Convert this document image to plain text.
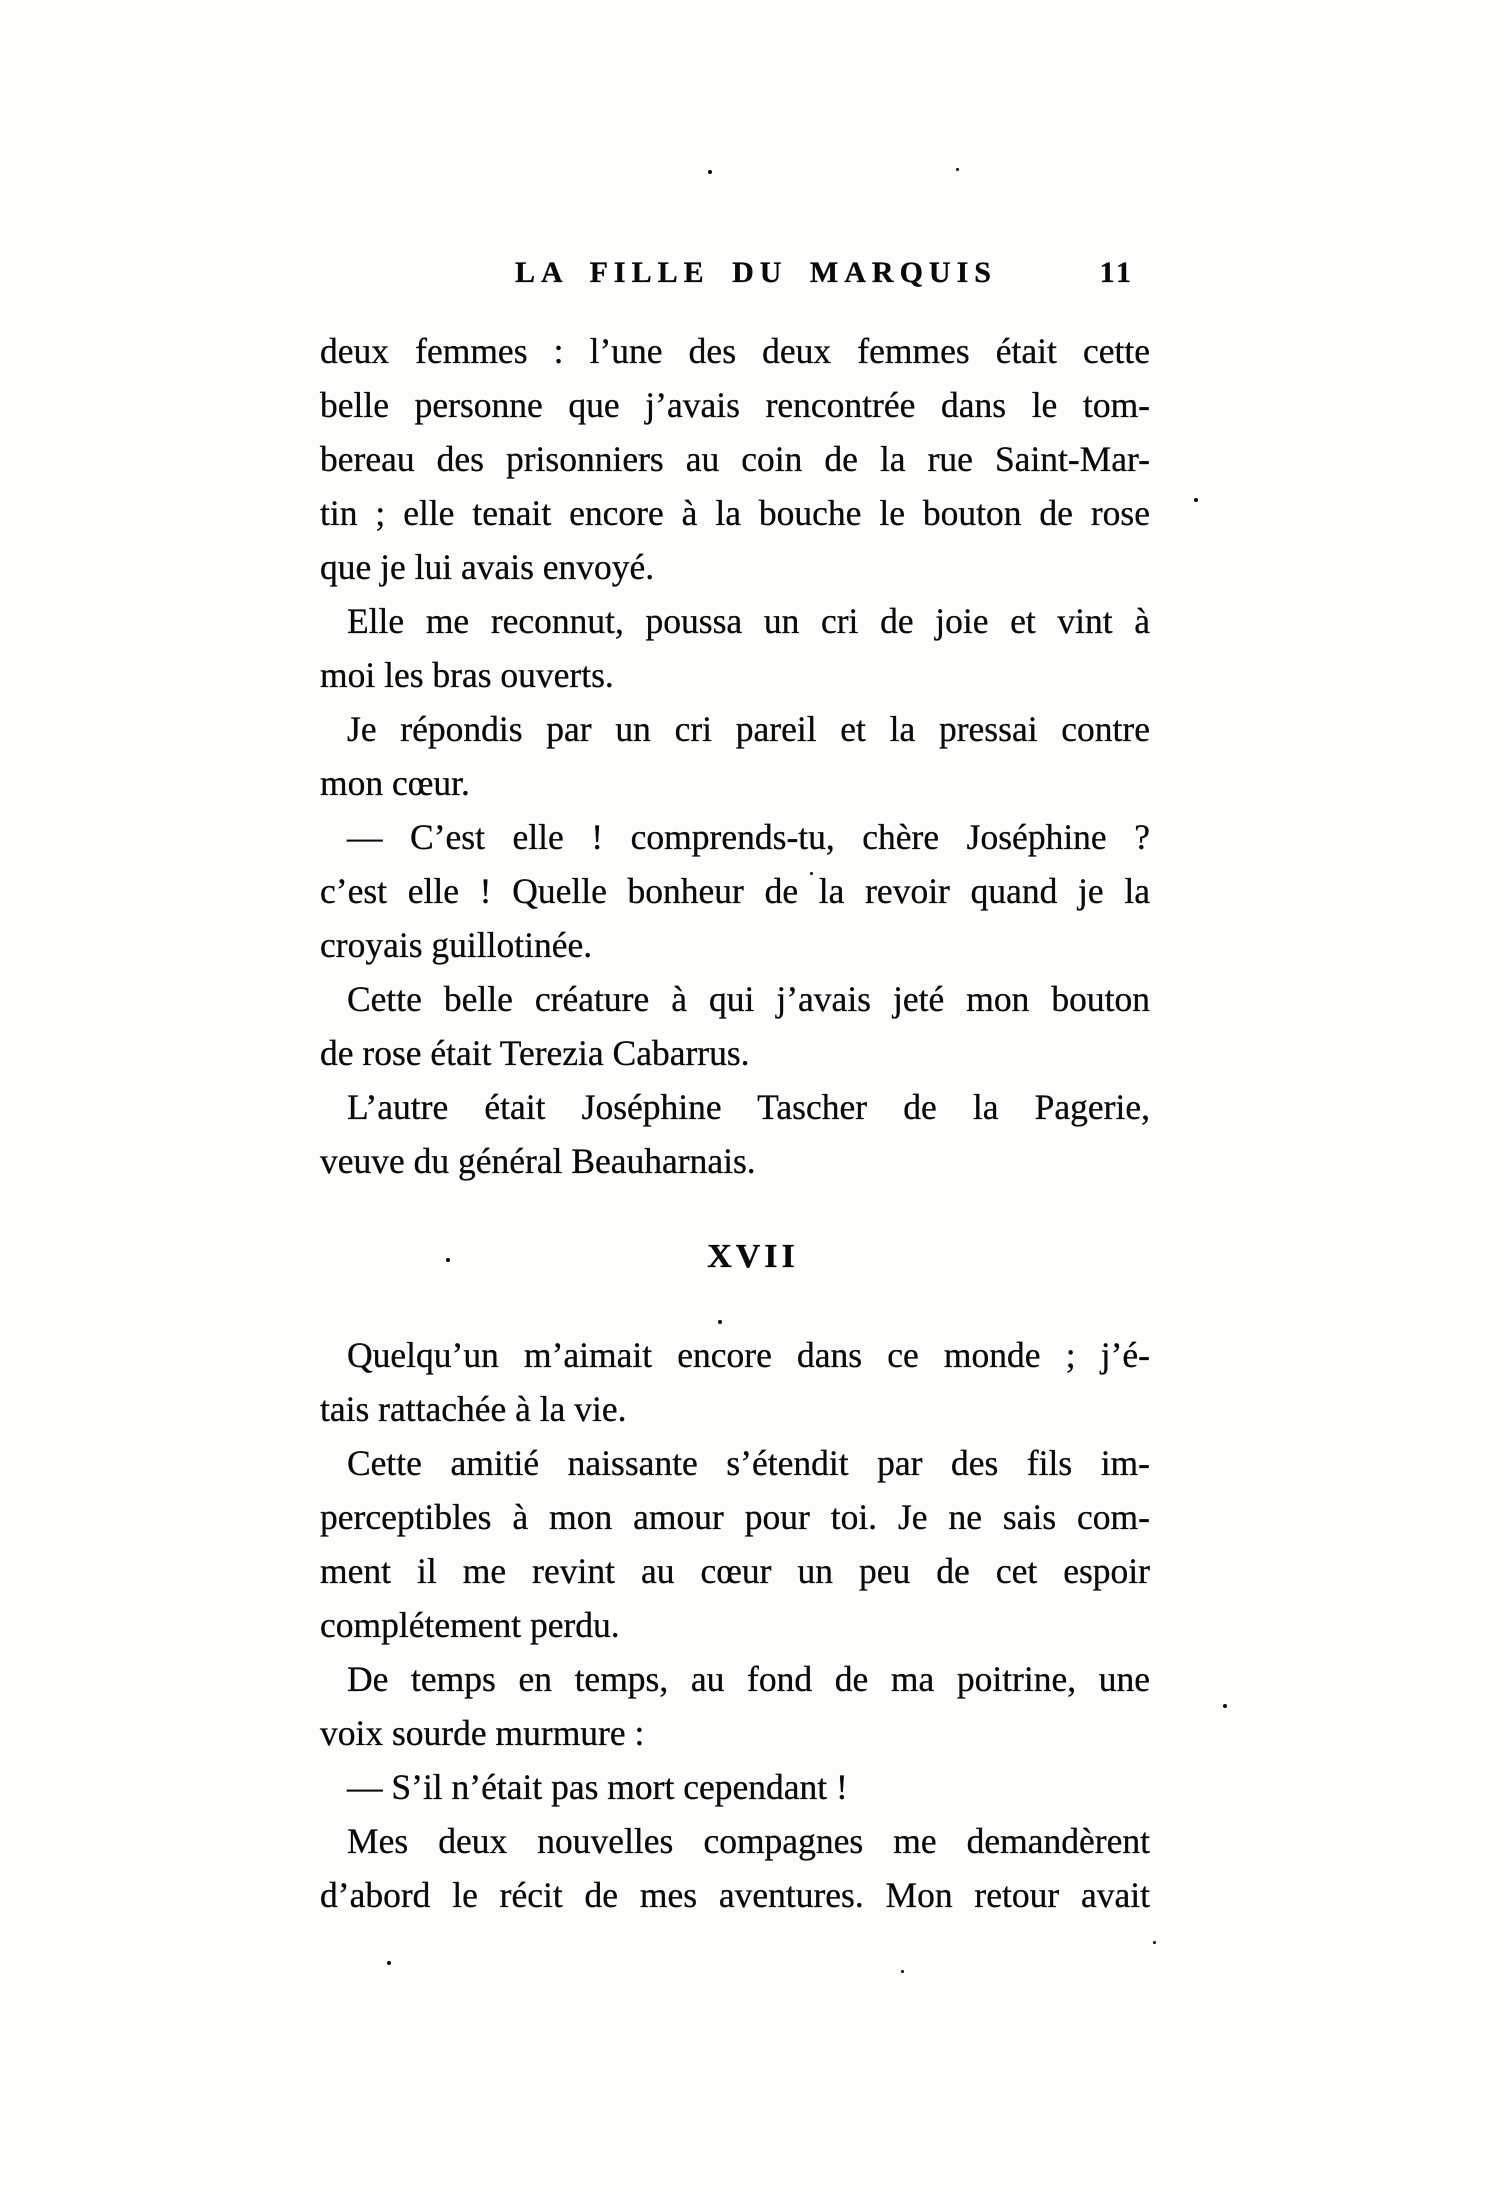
LA FILLE DU MARQUIS	11
deux femmes : l’une des deux femmes était cette
belle personne que j’avais rencontrée dans le tom-
bereau des prisonniers au coin de la rue Saint-Mar-
tin ; elle tenait encore à la bouche le bouton de rose
que je lui avais envoyé.
Elle me reconnut, poussa un cri de joie et vint à
moi les bras ouverts.
Je répondis par un cri pareil et la pressai contre
mon cœur.
— C’est elle ! comprends-tu, chère Joséphine ?
c’est elle ! Quelle bonheur de la revoir quand je la
croyais guillotinée.
Cette belle créature à qui j’avais jeté mon bouton
de rose était Terezia Cabarrus.
L’autre était Joséphine Tascher de la Pagerie,
veuve du général Beauharnais.
XVII
Quelqu’un m’aimait encore dans ce monde ; j’é-
tais rattachée à la vie.
Cette amitié naissante s’étendit par des fils im-
perceptibles à mon amour pour toi. Je ne sais com-
ment il me revint au cœur un peu de cet espoir
complétement perdu.
De temps en temps, au fond de ma poitrine, une
voix sourde murmure :
— S’il n’était pas mort cependant !
Mes deux nouvelles compagnes me demandèrent
d’abord le récit de mes aventures. Mon retour avait
